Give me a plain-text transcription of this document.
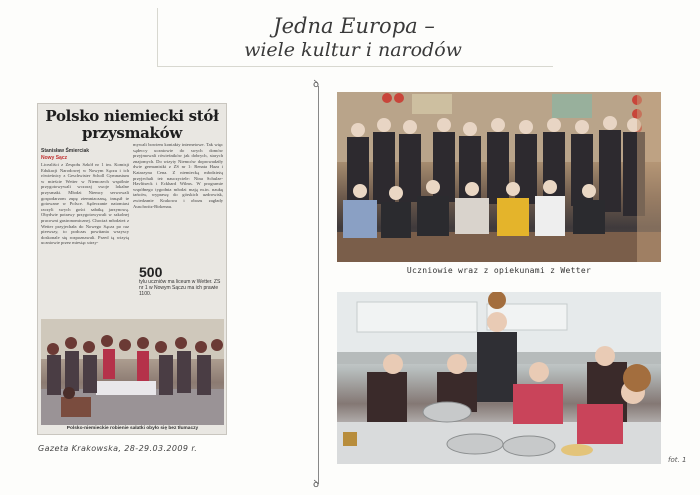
Jedna Europa –
wiele kultur i narodów
Polsko niemiecki stół przysmaków
Stanisław Śmierciak
Nowy Sącz
Licealiści z Zespołu Szkół nr 1 im. Komisji Edukacji Narodowej w Nowym Sączu i ich rówieśnicy z Geschwister Scholl Gymnasium w mieście Wetter w Niemczech wspólnie przygotowywali wczoraj swoje lokalne przysmaki. Młodzi Niemcy serwowali gospodarzom zupę ziemniaczaną, innąsił te gotowane w Polsce. Sądeczanie natomiast raczyli swych gości sałatką jarzynową. Obydwie potrawy przygotowywali w szkolnej pracowni gastronomicznej. Chociaż młodzież z Wetter przyjechała do Nowego Sącza po raz pierwszy, to podczas powitania wszyscy doskonale się rozpoznawali. Przed tą wizytą uczniowie przez miesiąc utrzy-
mywali bowiem kontakty internetowe. Tak więc sądeccy uczniowie do swych domów przyjmowali rówieśników jak dobrych, starych znajomych. Do wizyty Niemców doprowadziły dwie germanistki z ZS nr 1: Renata Haza i Katarzyna Cena. Z niemiecką młodzieżą przyjechali też nauczyciele: Nina Schulze-Havlitseck i Eckhard Wilms. W programie współnego tygodnia młodzi mają m.in. naukę tańców, wyprawę do górskich uzdrowisk, zwiedzanie Krakowa i obozu zagłady Auschwitz-Birkenau.
500
tylu uczniów ma liceum w Wetter. ZS nr 1 w Nowym Sączu ma ich prawie 1100.
Polsko-niemieckie robienie sałatki obyło się bez tłumaczy
Gazeta Krakowska, 28-29.03.2009 r.
ꝺ
ꝺ
Uczniowie wraz z opiekunami z Wetter
fot. 1
